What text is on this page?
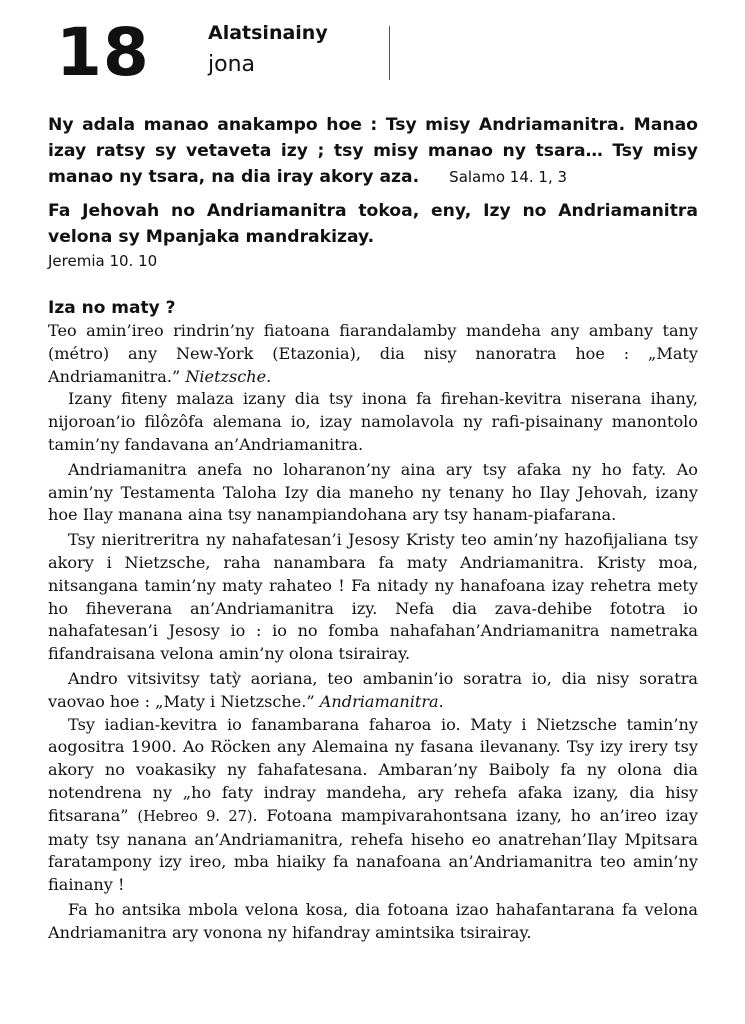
18	Alatsinainy
jona
Ny adala manao anakampo hoe : Tsy misy Andriamanitra. Manao izay ratsy sy vetaveta izy ; tsy misy manao ny tsara… Tsy misy manao ny tsara, na dia iray akory aza. Salamo 14. 1, 3
Fa Jehovah no Andriamanitra tokoa, eny, Izy no Andriamanitra velona sy Mpanjaka mandrakizay.
Jeremia 10. 10
Iza no maty ?

Teo amin’ireo rindrin’ny fiatoana fiarandalamby mandeha any ambany tany (métro) any New-York (Etazonia), dia nisy nanoratra hoe : „Maty Andriamanitra.” Nietzsche.

Izany fiteny malaza izany dia tsy inona fa firehan-kevitra niserana ihany, nijoroan’io filôzôfa alemana io, izay namolavola ny rafi-pisainany manontolo tamin’ny fandavana an’Andriamanitra.

Andriamanitra anefa no loharanon’ny aina ary tsy afaka ny ho faty. Ao amin’ny Testamenta Taloha Izy dia maneho ny tenany ho Ilay Jehovah, izany hoe Ilay manana aina tsy nanampiandohana ary tsy hanam-piafarana.

Tsy nieritreritra ny nahafatesan’i Jesosy Kristy teo amin’ny hazofijaliana tsy akory i Nietzsche, raha nanambara fa maty Andriamanitra. Kristy moa, nitsangana tamin’ny maty rahateo ! Fa nitady ny hanafoana izay rehetra mety ho fiheverana an’Andriamanitra izy. Nefa dia zava-dehibe fototra io nahafatesan’i Jesosy io : io no fomba nahafahan’Andriamanitra nametraka fifandraisana velona amin’ny olona tsirairay.

Andro vitsivitsy tatỳ aoriana, teo ambanin’io soratra io, dia nisy soratra vaovao hoe : „Maty i Nietzsche.” Andriamanitra.

Tsy iadian-kevitra io fanambarana faharoa io. Maty i Nietzsche tamin’ny aogositra 1900. Ao Röcken any Alemaina ny fasana ilevanany. Tsy izy irery tsy akory no voakasiky ny fahafatesana. Ambaran’ny Baiboly fa ny olona dia notendrena ny „ho faty indray mandeha, ary rehefa afaka izany, dia hisy fitsarana” (Hebreo 9. 27). Fotoana mampivarahontsana izany, ho an’ireo izay maty tsy nanana an’Andriamanitra, rehefa hiseho eo anatrehan’Ilay Mpitsara faratampony izy ireo, mba hiaiky fa nanafoana an’Andriamanitra teo amin’ny fiainany !

Fa ho antsika mbola velona kosa, dia fotoana izao hahafantarana fa velona Andriamanitra ary vonona ny hifandray amintsika tsirairay.
